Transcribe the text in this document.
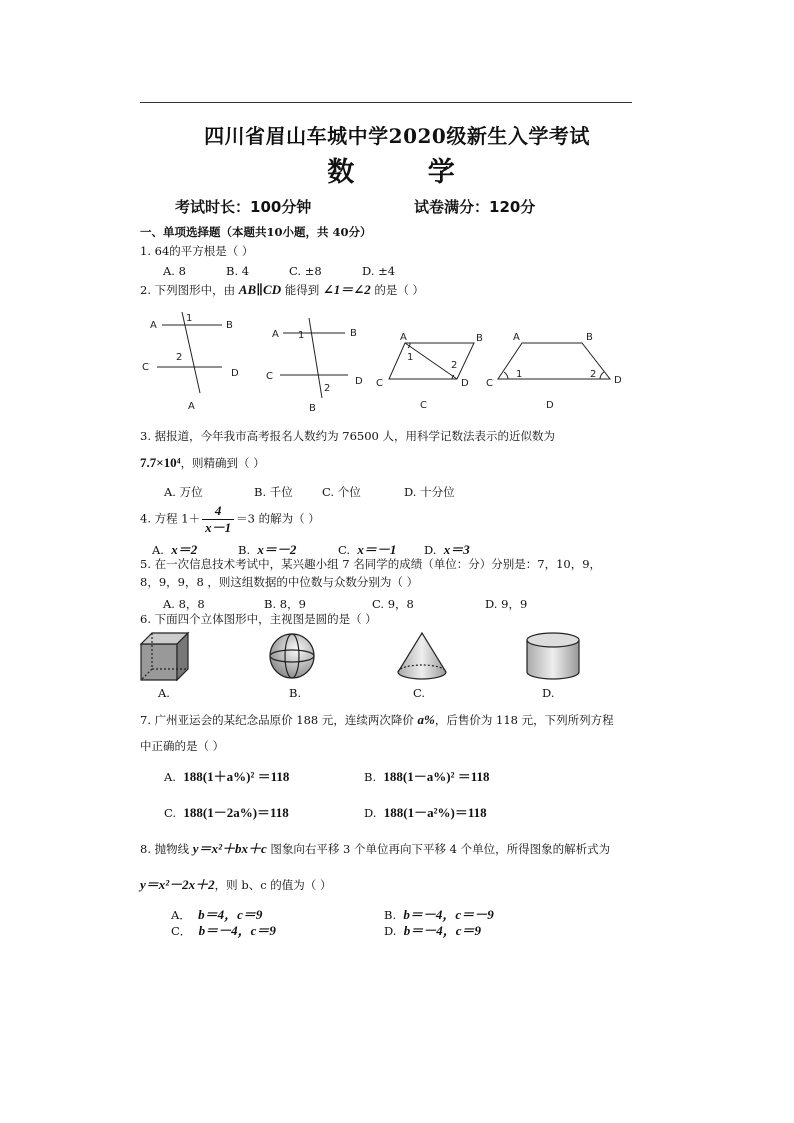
四川省眉山车城中学2020级新生入学考试
数 学
考试时长：100分钟	试卷满分：120分
一、单项选择题（本题共10小题，共 40分）
1. 64的平方根是（ ）
A. 8	B. 4	C. ±8	D. ±4
2. 下列图形中，由 AB∥CD 能得到 ∠1＝∠2 的是（ ）
A	B
C
D
1
2
A
A	B
C	D
1
2
B
A	B
C	D
1
2
C
A	B
C	D
1	2
D
3. 据报道，今年我市高考报名人数约为 76500 人，用科学记数法表示的近似数为
7.7×10⁴，则精确到（ ）
A. 万位	B. 千位	C. 个位	D. 十分位
4. 方程 $1+ \frac{4}{x-1} =3$ 的解为（ ）
A. x＝2	B. x＝－2	C. x＝－1 D. x＝3
5. 在一次信息技术考试中，某兴趣小组 7 名同学的成绩（单位：分）分别是：7，10，9，
8，9，9，8 ，则这组数据的中位数与众数分别为（ ）
A. 8，8	B. 8，9	C. 9，8	D. 9，9
6. 下面四个立体图形中，主视图是圆的是（ ）
A.	B.	C.	D.
7. 广州亚运会的某纪念品原价 188 元，连续两次降价 a%，后售价为 118 元，下列所列方程
中正确的是（ ）
A. 188(1＋a%)² ＝118	B. 188(1－a%)² ＝118
C. 188(1－2a%)＝118	D. 188(1－a²%)＝118
8. 抛物线 y＝x²＋bx＋c 图象向右平移 3 个单位再向下平移 4 个单位，所得图象的解析式为
y＝x²－2x＋2，则 b、c 的值为（ ）
A． b＝4，c＝9	B. b＝－4，c＝－9
C． b＝－4，c＝9	D. b＝－4，c＝9
